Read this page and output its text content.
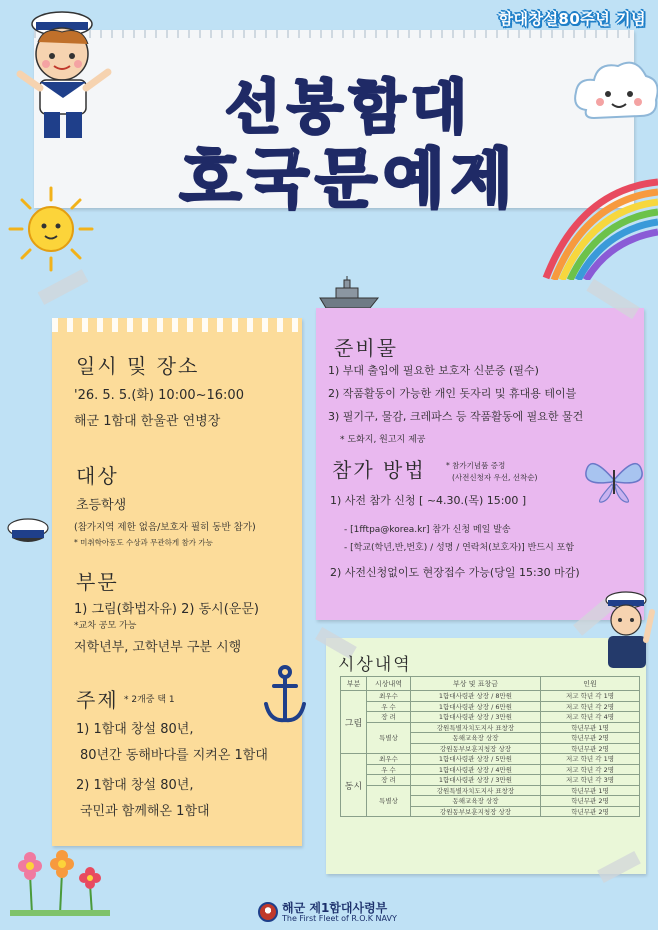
함대창설80주년 기념
선봉함대
호국문예제
일시 및 장소
'26. 5. 5.(화) 10:00~16:00
해군 1함대 한울관 연병장
대상
초등학생
(참가지역 제한 없음/보호자 필히 동반 참가)
* 미취학아동도 수상과 무관하게 참가 가능
부문
1) 그림(화법자유) 2) 동시(운문)
*교차 공모 가능
저학년부, 고학년부 구분 시행
주제 * 2개중 택 1
1) 1함대 창설 80년,
80년간 동해바다를 지켜온 1함대
2) 1함대 창설 80년,
국민과 함께해온 1함대
준비물
1) 부대 출입에 필요한 보호자 신분증 (필수)
2) 작품활동이 가능한 개인 돗자리 및 휴대용 테이블
3) 필기구, 물감, 크레파스 등 작품활동에 필요한 물건
* 도화지, 원고지 제공
참가 방법	* 참가기념품 증정
(사전신청자 우선, 선착순)
1) 사전 참가 신청 [ ~4.30.(목) 15:00 ]
- [1fftpa@korea.kr] 참가 신청 메일 발송
- [학교(학년,반,번호) / 성명 / 연락처(보호자)] 반드시 포함
2) 사전신청없이도 현장접수 가능(당일 15:30 마감)
시상내역
부분	시상내역	부상 및 표창금	인원
그림	최우수	1함대사령관 상장 / 8만원	저고 학년 각 1명
	우 수	1함대사령관 상장 / 6만원	저고 학년 각 2명
	장 려	1함대사령관 상장 / 3만원	저고 학년 각 4명
	특별상	강원특별자치도지사 표창장	학년무관 1명
		동해교육장 상장	학년무관 2명
		강원동부보훈지청장 상장	학년무관 2명
동시	최우수	1함대사령관 상장 / 5만원	저고 학년 각 1명
	우 수	1함대사령관 상장 / 4만원	저고 학년 각 2명
	장 려	1함대사령관 상장 / 3만원	저고 학년 각 3명
	특별상	강원특별자치도지사 표창장	학년무관 1명
		동해교육장 상장	학년무관 2명
		강원동부보훈지청장 상장	학년무관 2명
해군 제1함대사령부
The First Fleet of R.O.K NAVY
